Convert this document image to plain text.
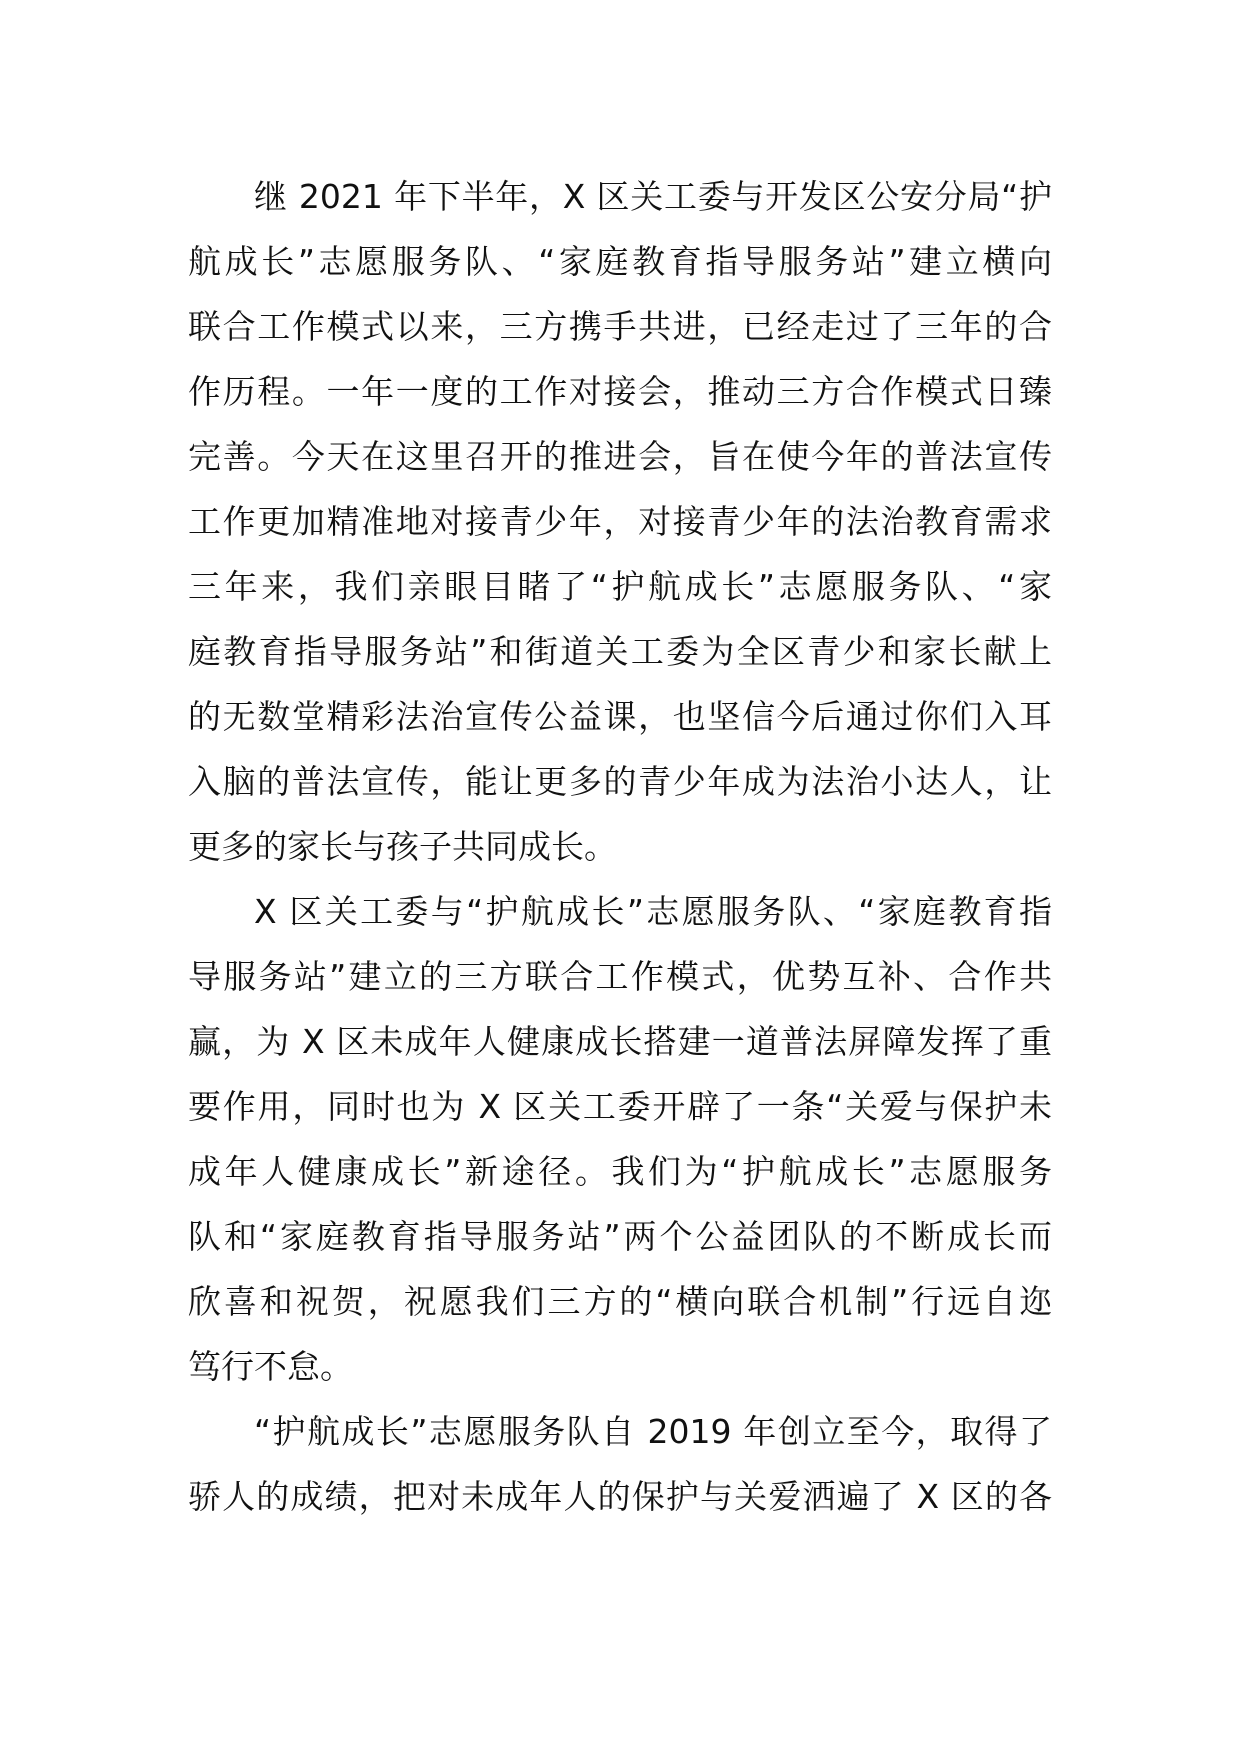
继 2021 年下半年，X 区关工委与开发区公安分局“护
航成长”志愿服务队、“家庭教育指导服务站”建立横向
联合工作模式以来，三方携手共进，已经走过了三年的合
作历程。一年一度的工作对接会，推动三方合作模式日臻
完善。今天在这里召开的推进会，旨在使今年的普法宣传
工作更加精准地对接青少年，对接青少年的法治教育需求
三年来，我们亲眼目睹了“护航成长”志愿服务队、“家
庭教育指导服务站”和街道关工委为全区青少和家长献上
的无数堂精彩法治宣传公益课，也坚信今后通过你们入耳
入脑的普法宣传，能让更多的青少年成为法治小达人，让
更多的家长与孩子共同成长。
X 区关工委与“护航成长”志愿服务队、“家庭教育指
导服务站”建立的三方联合工作模式，优势互补、合作共
赢，为 X 区未成年人健康成长搭建一道普法屏障发挥了重
要作用，同时也为 X 区关工委开辟了一条“关爱与保护未
成年人健康成长”新途径。我们为“护航成长”志愿服务
队和“家庭教育指导服务站”两个公益团队的不断成长而
欣喜和祝贺，祝愿我们三方的“横向联合机制”行远自迩
笃行不怠。
“护航成长”志愿服务队自 2019 年创立至今，取得了
骄人的成绩，把对未成年人的保护与关爱洒遍了 X 区的各
